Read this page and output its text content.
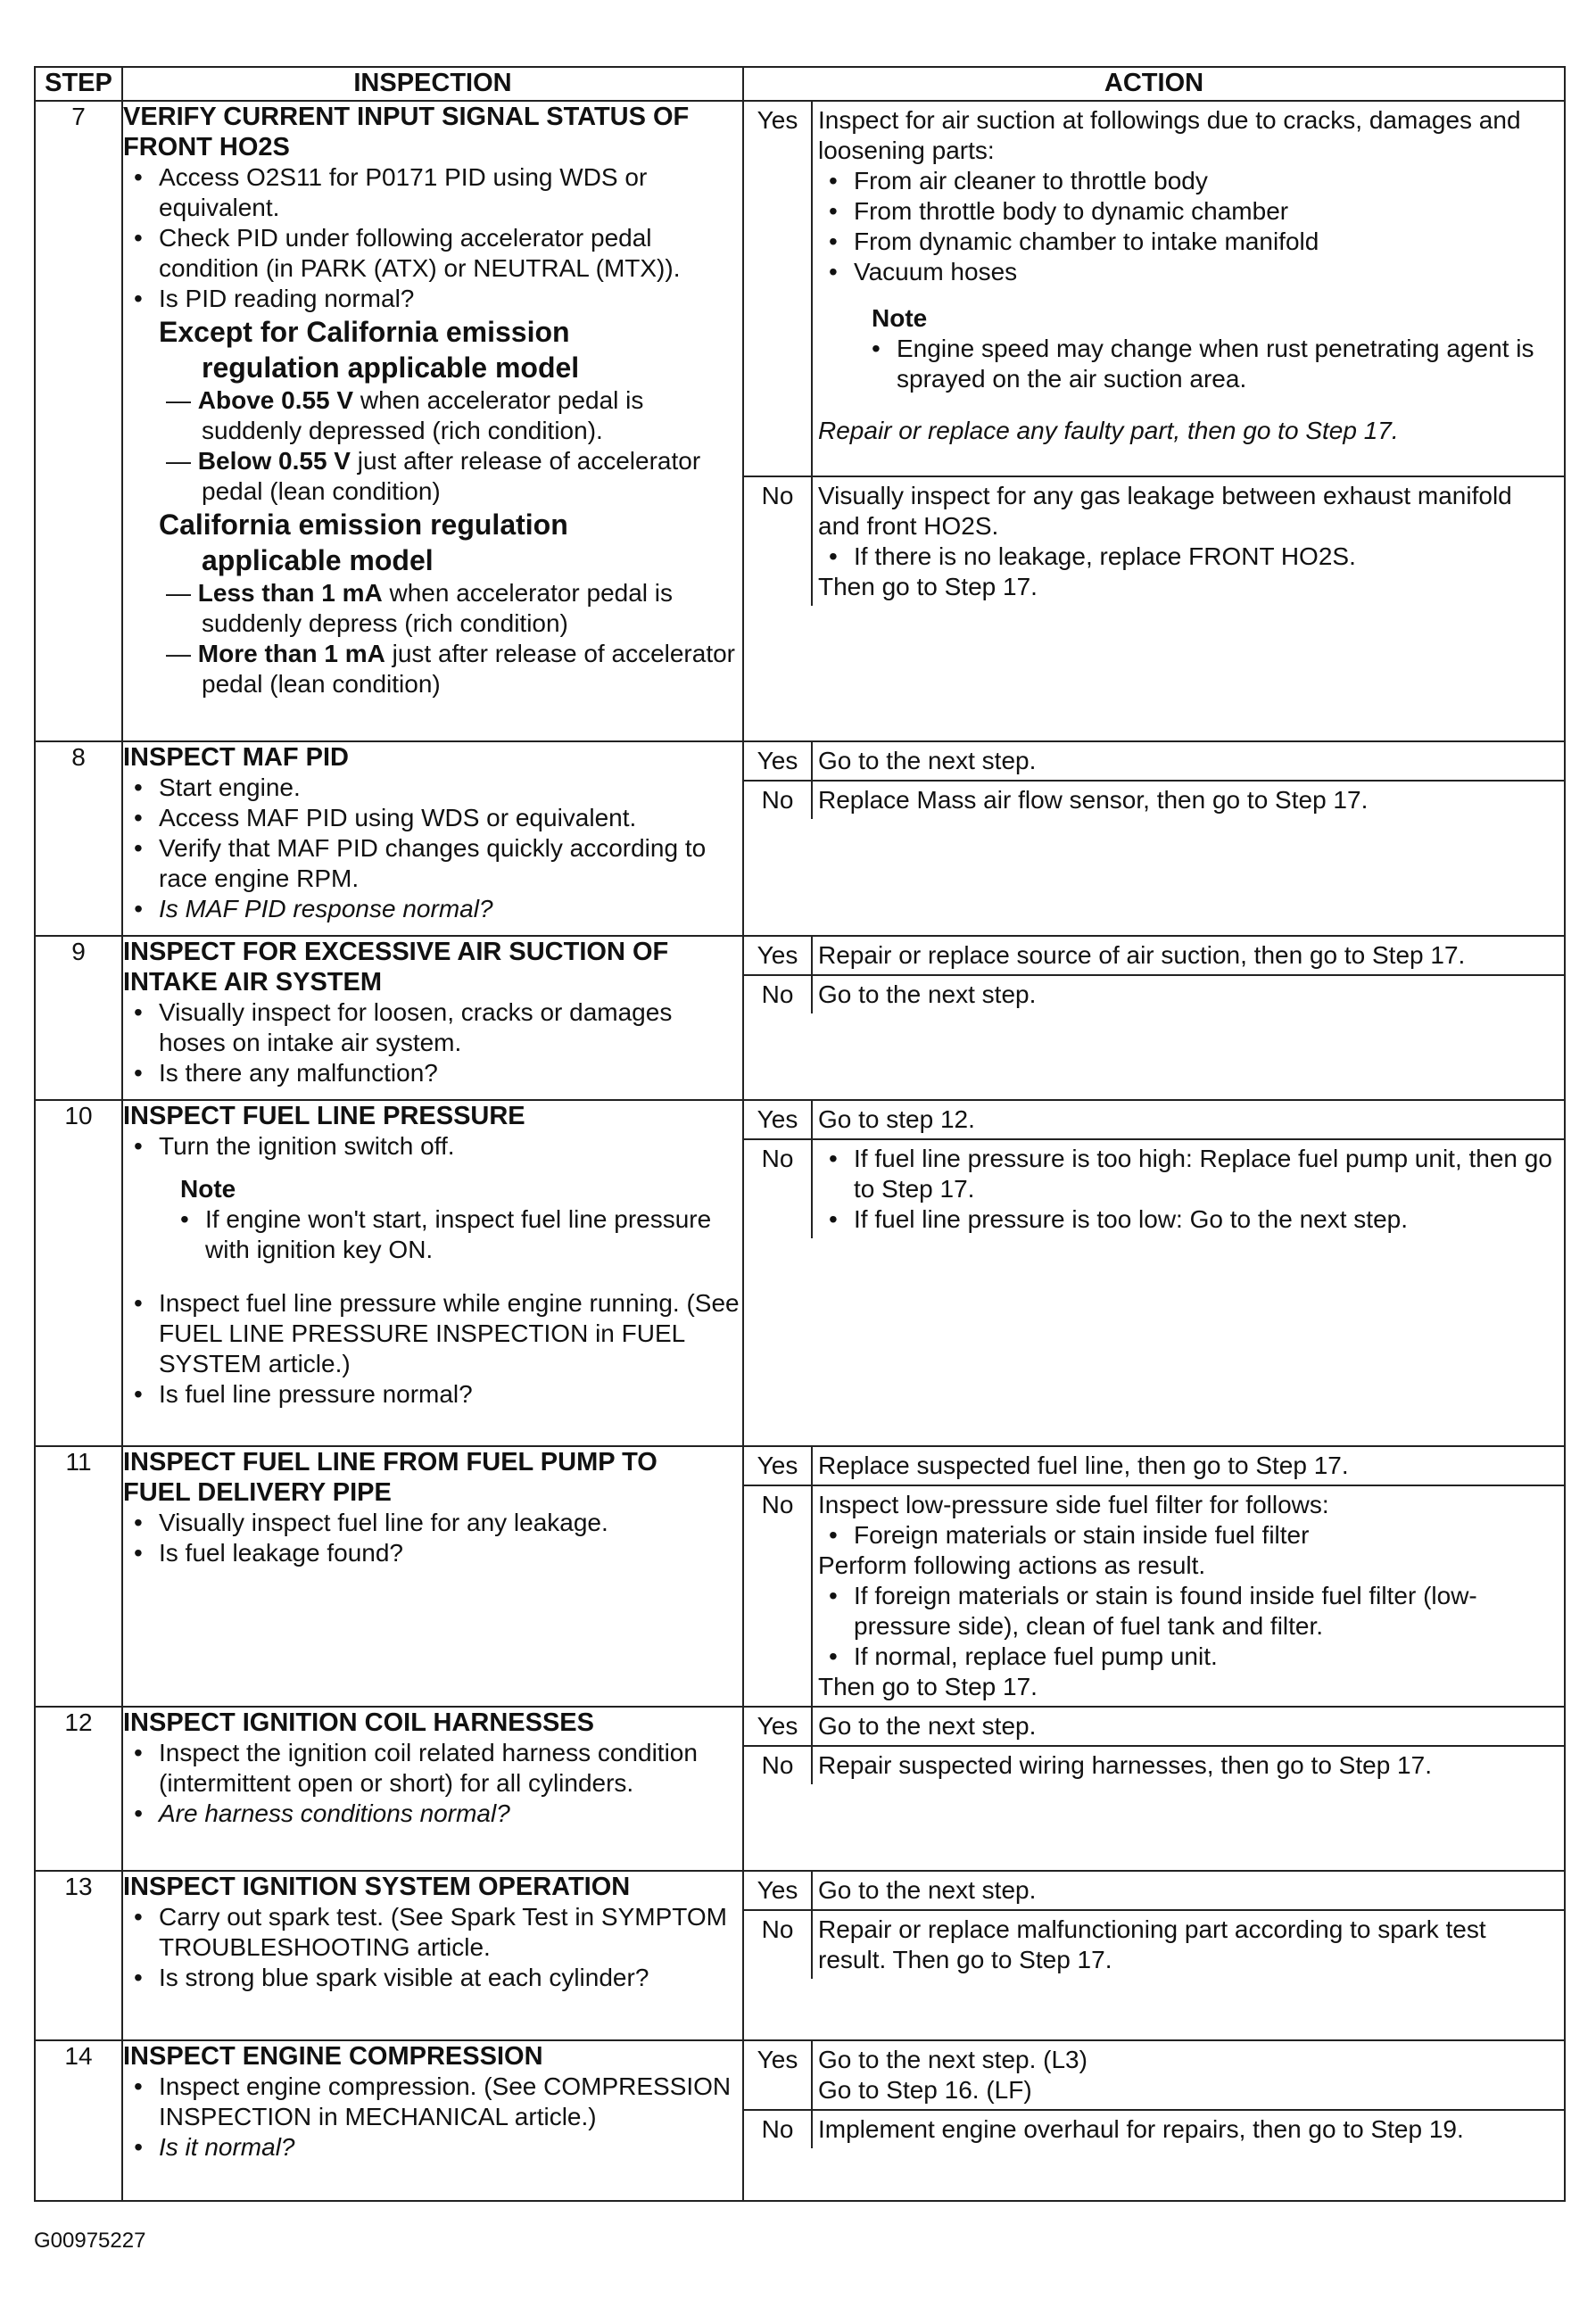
STEP	INSPECTION	ACTION
7	VERIFY CURRENT INPUT SIGNAL STATUS OF
FRONT HO2S
• Access O2S11 for P0171 PID using WDS or equivalent.
• Check PID under following accelerator pedal condition (in PARK (ATX) or NEUTRAL (MTX)).
• Is PID reading normal?
Except for California emission
regulation applicable model
— Above 0.55 V when accelerator pedal is suddenly depressed (rich condition).
— Below 0.55 V just after release of accelerator pedal (lean condition)
California emission regulation
applicable model
— Less than 1 mA when accelerator pedal is suddenly depress (rich condition)
— More than 1 mA just after release of accelerator pedal (lean condition)

Yes	Inspect for air suction at followings due to cracks, damages and loosening parts:
• From air cleaner to throttle body
• From throttle body to dynamic chamber
• From dynamic chamber to intake manifold
• Vacuum hoses
Note
• Engine speed may change when rust penetrating agent is sprayed on the air suction area.
Repair or replace any faulty part, then go to Step 17.

No	Visually inspect for any gas leakage between exhaust manifold and front HO2S.
• If there is no leakage, replace FRONT HO2S.
Then go to Step 17.

8	INSPECT MAF PID
• Start engine.
• Access MAF PID using WDS or equivalent.
• Verify that MAF PID changes quickly according to race engine RPM.
• Is MAF PID response normal?

Yes	Go to the next step.
No	Replace Mass air flow sensor, then go to Step 17.

9	INSPECT FOR EXCESSIVE AIR SUCTION OF
INTAKE AIR SYSTEM
• Visually inspect for loosen, cracks or damages hoses on intake air system.
• Is there any malfunction?

Yes	Repair or replace source of air suction, then go to Step 17.
No	Go to the next step.

10	INSPECT FUEL LINE PRESSURE
• Turn the ignition switch off.
Note
• If engine won't start, inspect fuel line pressure with ignition key ON.
• Inspect fuel line pressure while engine running. (See FUEL LINE PRESSURE INSPECTION in FUEL SYSTEM article.)
• Is fuel line pressure normal?

Yes	Go to step 12.
No	
•If fuel line pressure is too high: Replace fuel pump unit, then go to Step 17.
• If fuel line pressure is too low: Go to the next step.

11	INSPECT FUEL LINE FROM FUEL PUMP TO
FUEL DELIVERY PIPE
• Visually inspect fuel line for any leakage.
• Is fuel leakage found?

Yes	Replace suspected fuel line, then go to Step 17.
No	Inspect low-pressure side fuel filter for follows:
• Foreign materials or stain inside fuel filter
Perform following actions as result.
• If foreign materials or stain is found inside fuel filter (low-pressure side), clean of fuel tank and filter.
• If normal, replace fuel pump unit.
Then go to Step 17.

12	INSPECT IGNITION COIL HARNESSES
• Inspect the ignition coil related harness condition (intermittent open or short) for all cylinders.
• Are harness conditions normal?

Yes	Go to the next step.
No	Repair suspected wiring harnesses, then go to Step 17.

13	INSPECT IGNITION SYSTEM OPERATION
• Carry out spark test. (See Spark Test in SYMPTOM TROUBLESHOOTING article.
• Is strong blue spark visible at each cylinder?

Yes	Go to the next step.
No	Repair or replace malfunctioning part according to spark test result. Then go to Step 17.

14	INSPECT ENGINE COMPRESSION
• Inspect engine compression. (See COMPRESSION INSPECTION in MECHANICAL article.)
• Is it normal?

Yes	Go to the next step. (L3)
Go to Step 16. (LF)

No	Implement engine overhaul for repairs, then go to Step 19.
G00975227
